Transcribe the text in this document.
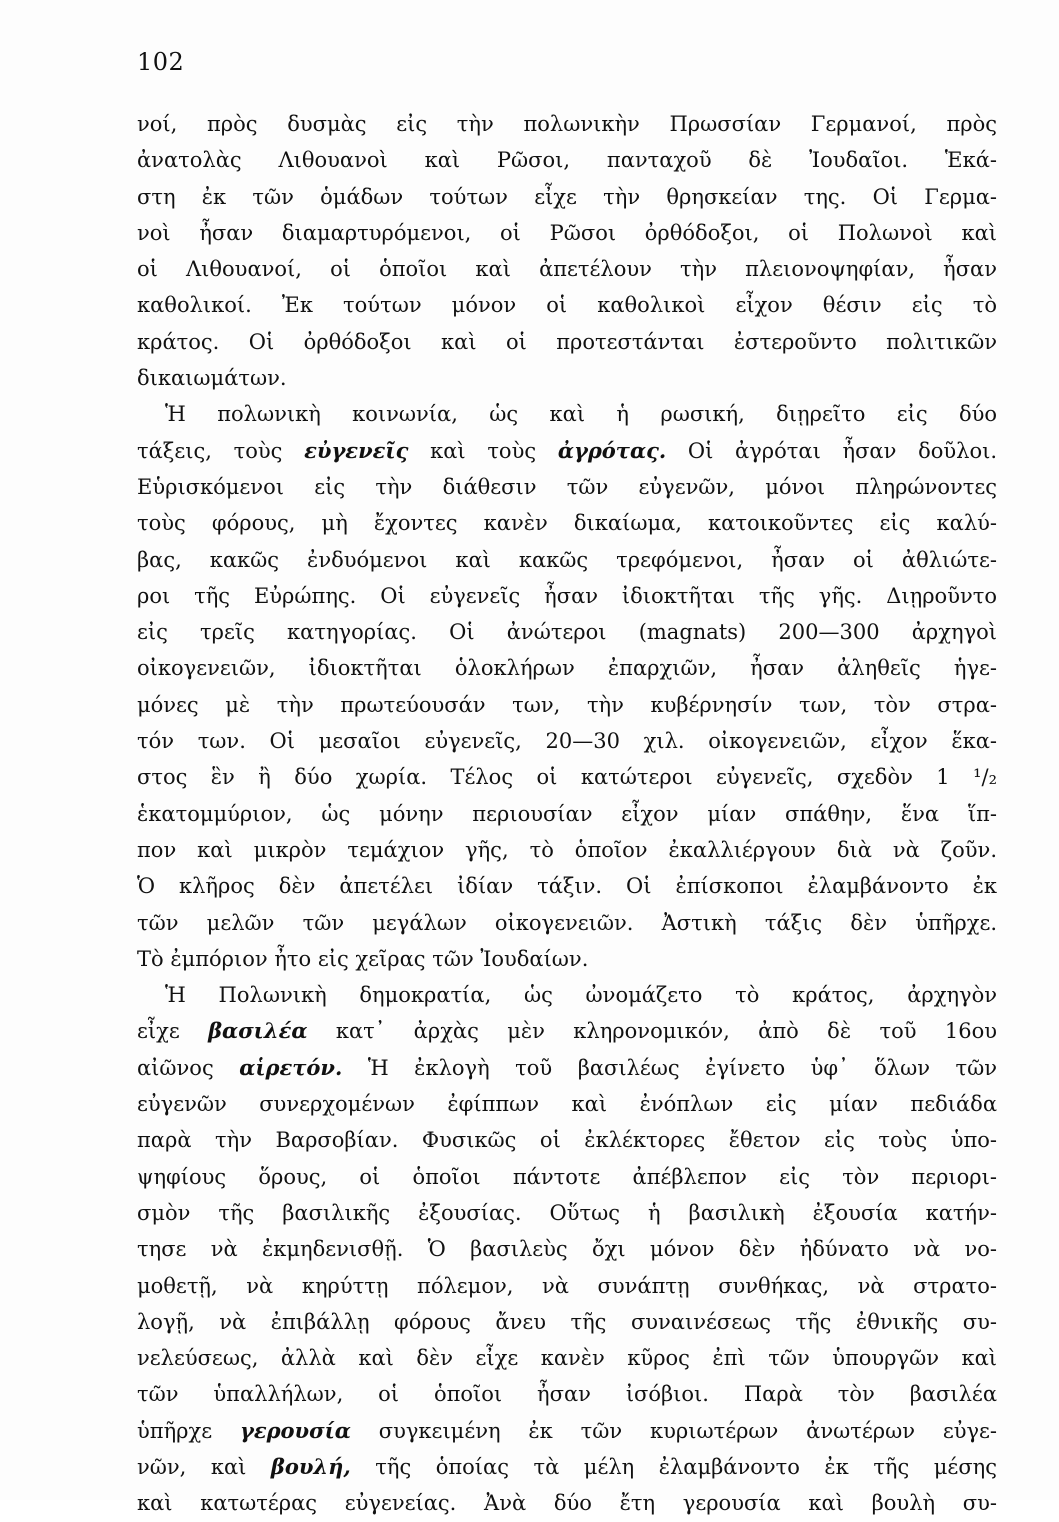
102
νοί, πρὸς δυσμὰς εἰς τὴν πολωνικὴν Πρωσσίαν Γερμανοί, πρὸς
ἀνατολὰς Λιθουανοὶ καὶ Ρῶσοι, πανταχοῦ δὲ Ἰουδαῖοι. Ἑκά-
στη ἐκ τῶν ὁμάδων τούτων εἶχε τὴν θρησκείαν της. Οἱ Γερμα-
νοὶ ἦσαν διαμαρτυρόμενοι, οἱ Ρῶσοι ὀρθόδοξοι, οἱ Πολωνοὶ καὶ
οἱ Λιθουανοί, οἱ ὁποῖοι καὶ ἀπετέλουν τὴν πλειονοψηφίαν, ἦσαν
καθολικοί. Ἐκ τούτων μόνον οἱ καθολικοὶ εἶχον θέσιν εἰς τὸ
κράτος. Οἱ ὀρθόδοξοι καὶ οἱ προτεστάνται ἐστεροῦντο πολιτικῶν
δικαιωμάτων.
Ἡ πολωνικὴ κοινωνία, ὡς καὶ ἡ ρωσική, διῃρεῖτο εἰς δύο
τάξεις, τοὺς εὐγενεῖς καὶ τοὺς ἀγρότας. Οἱ ἀγρόται ἦσαν δοῦλοι.
Εὑρισκόμενοι εἰς τὴν διάθεσιν τῶν εὐγενῶν, μόνοι πληρώνοντες
τοὺς φόρους, μὴ ἔχοντες κανὲν δικαίωμα, κατοικοῦντες εἰς καλύ-
βας, κακῶς ἐνδυόμενοι καὶ κακῶς τρεφόμενοι, ἦσαν οἱ ἀθλιώτε-
ροι τῆς Εὐρώπης. Οἱ εὐγενεῖς ἦσαν ἰδιοκτῆται τῆς γῆς. Διῃροῦντο
εἰς τρεῖς κατηγορίας. Οἱ ἀνώτεροι (magnats) 200—300 ἀρχηγοὶ
οἰκογενειῶν, ἰδιοκτῆται ὁλοκλήρων ἐπαρχιῶν, ἦσαν ἀληθεῖς ἡγε-
μόνες μὲ τὴν πρωτεύουσάν των, τὴν κυβέρνησίν των, τὸν στρα-
τόν των. Οἱ μεσαῖοι εὐγενεῖς, 20—30 χιλ. οἰκογενειῶν, εἶχον ἕκα-
στος ἓν ἢ δύο χωρία. Τέλος οἱ κατώτεροι εὐγενεῖς, σχεδὸν 1 ¹/₂
ἑκατομμύριον, ὡς μόνην περιουσίαν εἶχον μίαν σπάθην, ἕνα ἵπ-
πον καὶ μικρὸν τεμάχιον γῆς, τὸ ὁποῖον ἐκαλλιέργουν διὰ νὰ ζοῦν.
Ὁ κλῆρος δὲν ἀπετέλει ἰδίαν τάξιν. Οἱ ἐπίσκοποι ἐλαμβάνοντο ἐκ
τῶν μελῶν τῶν μεγάλων οἰκογενειῶν. Ἀστικὴ τάξις δὲν ὑπῆρχε.
Τὸ ἐμπόριον ἦτο εἰς χεῖρας τῶν Ἰουδαίων.
Ἡ Πολωνικὴ δημοκρατία, ὡς ὠνομάζετο τὸ κράτος, ἀρχηγὸν
εἶχε βασιλέα κατ᾿ ἀρχὰς μὲν κληρονομικόν, ἀπὸ δὲ τοῦ 16ου
αἰῶνος αἱρετόν. Ἡ ἐκλογὴ τοῦ βασιλέως ἐγίνετο ὑφ᾿ ὅλων τῶν
εὐγενῶν συνερχομένων ἐφίππων καὶ ἐνόπλων εἰς μίαν πεδιάδα
παρὰ τὴν Βαρσοβίαν. Φυσικῶς οἱ ἐκλέκτορες ἔθετον εἰς τοὺς ὑπο-
ψηφίους ὅρους, οἱ ὁποῖοι πάντοτε ἀπέβλεπον εἰς τὸν περιορι-
σμὸν τῆς βασιλικῆς ἐξουσίας. Οὕτως ἡ βασιλικὴ ἐξουσία κατήν-
τησε νὰ ἐκμηδενισθῇ. Ὁ βασιλεὺς ὄχι μόνον δὲν ἠδύνατο νὰ νο-
μοθετῇ, νὰ κηρύττῃ πόλεμον, νὰ συνάπτῃ συνθήκας, νὰ στρατο-
λογῇ, νὰ ἐπιβάλλῃ φόρους ἄνευ τῆς συναινέσεως τῆς ἐθνικῆς συ-
νελεύσεως, ἀλλὰ καὶ δὲν εἶχε κανὲν κῦρος ἐπὶ τῶν ὑπουργῶν καὶ
τῶν ὑπαλλήλων, οἱ ὁποῖοι ἦσαν ἰσόβιοι. Παρὰ τὸν βασιλέα
ὑπῆρχε γερουσία συγκειμένη ἐκ τῶν κυριωτέρων ἀνωτέρων εὐγε-
νῶν, καὶ βουλή, τῆς ὁποίας τὰ μέλη ἐλαμβάνοντο ἐκ τῆς μέσης
καὶ κατωτέρας εὐγενείας. Ἀνὰ δύο ἔτη γερουσία καὶ βουλὴ συ-
